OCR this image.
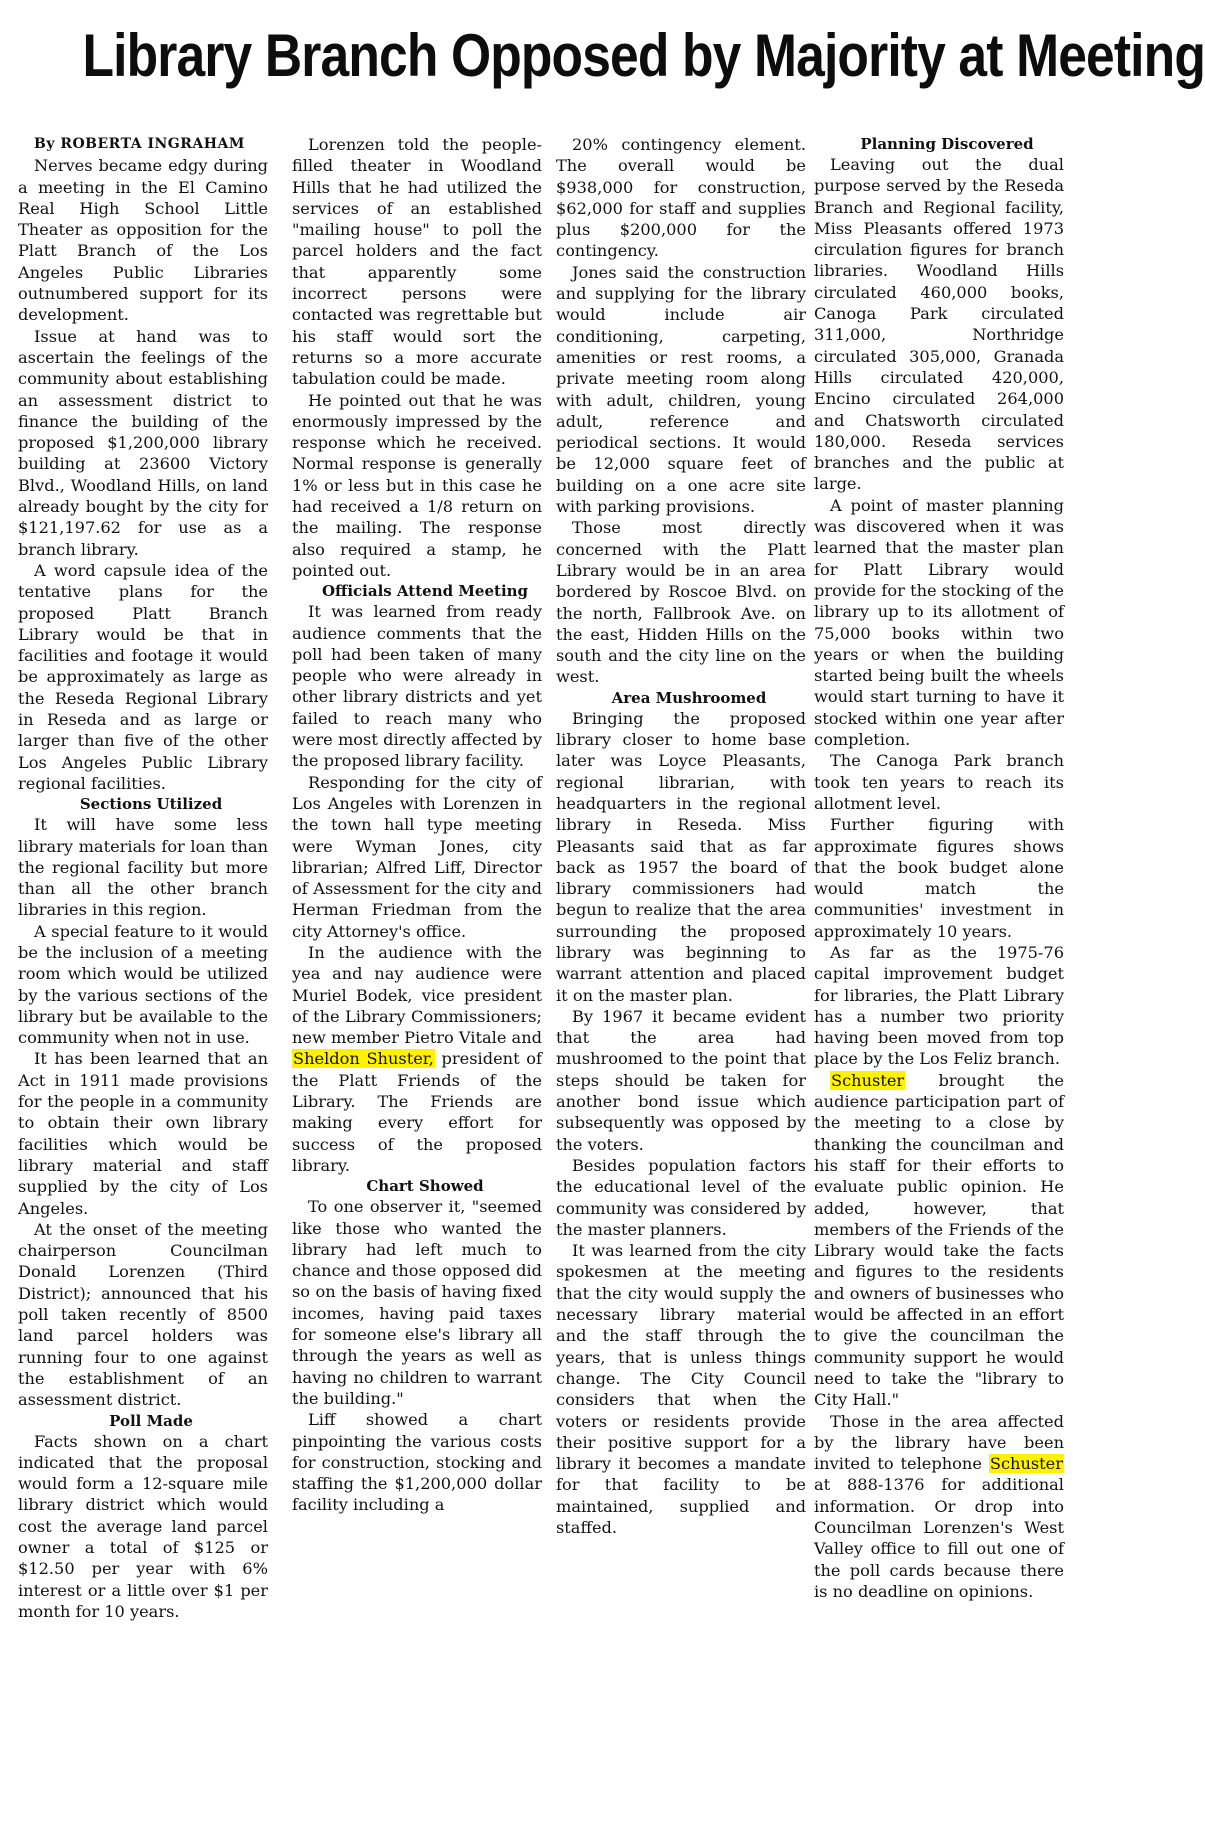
Library Branch Opposed by Majority at Meeting

By ROBERTA INGRAHAM

Nerves became edgy during a meeting in the El Camino Real High School Little Theater as opposition for the Platt Branch of the Los Angeles Public Libraries outnumbered support for its development.

Issue at hand was to ascertain the feelings of the community about establishing an assessment district to finance the building of the proposed $1,200,000 library building at 23600 Victory Blvd., Woodland Hills, on land already bought by the city for $121,197.62 for use as a branch library.

A word capsule idea of the tentative plans for the proposed Platt Branch Library would be that in facilities and footage it would be approximately as large as the Reseda Regional Library in Reseda and as large or larger than five of the other Los Angeles Public Library regional facilities.

Sections Utilized

It will have some less library materials for loan than the regional facility but more than all the other branch libraries in this region.

A special feature to it would be the inclusion of a meeting room which would be utilized by the various sections of the library but be available to the community when not in use.

It has been learned that an Act in 1911 made provisions for the people in a community to obtain their own library facilities which would be library material and staff supplied by the city of Los Angeles.

At the onset of the meeting chairperson Councilman Donald Lorenzen (Third District); announced that his poll taken recently of 8500 land parcel holders was running four to one against the establishment of an assessment district.

Poll Made

Facts shown on a chart indicated that the proposal would form a 12-square mile library district which would cost the average land parcel owner a total of $125 or $12.50 per year with 6% interest or a little over $1 per month for 10 years.

Lorenzen told the people-filled theater in Woodland Hills that he had utilized the services of an established "mailing house" to poll the parcel holders and the fact that apparently some incorrect persons were contacted was regrettable but his staff would sort the returns so a more accurate tabulation could be made.

He pointed out that he was enormously impressed by the response which he received. Normal response is generally 1% or less but in this case he had received a 1/8 return on the mailing. The response also required a stamp, he pointed out.

Officials Attend Meeting

It was learned from ready audience comments that the poll had been taken of many people who were already in other library districts and yet failed to reach many who were most directly affected by the proposed library facility.

Responding for the city of Los Angeles with Lorenzen in the town hall type meeting were Wyman Jones, city librarian; Alfred Liff, Director of Assessment for the city and Herman Friedman from the city Attorney's office.

In the audience with the yea and nay audience were Muriel Bodek, vice president of the Library Commissioners; new member Pietro Vitale and Sheldon Shuster, president of the Platt Friends of the Library. The Friends are making every effort for success of the proposed library.

Chart Showed

To one observer it, "seemed like those who wanted the library had left much to chance and those opposed did so on the basis of having fixed incomes, having paid taxes for someone else's library all through the years as well as having no children to warrant the building."

Liff showed a chart pinpointing the various costs for construction, stocking and staffing the $1,200,000 dollar facility including a

20% contingency element. The overall would be $938,000 for construction, $62,000 for staff and supplies plus $200,000 for the contingency.

Jones said the construction and supplying for the library would include air conditioning, carpeting, amenities or rest rooms, a private meeting room along with adult, children, young adult, reference and periodical sections. It would be 12,000 square feet of building on a one acre site with parking provisions.

Those most directly concerned with the Platt Library would be in an area bordered by Roscoe Blvd. on the north, Fallbrook Ave. on the east, Hidden Hills on the south and the city line on the west.

Area Mushroomed

Bringing the proposed library closer to home base later was Loyce Pleasants, regional librarian, with headquarters in the regional library in Reseda. Miss Pleasants said that as far back as 1957 the board of library commissioners had begun to realize that the area surrounding the proposed library was beginning to warrant attention and placed it on the master plan.

By 1967 it became evident that the area had mushroomed to the point that steps should be taken for another bond issue which subsequently was opposed by the voters.

Besides population factors the educational level of the community was considered by the master planners.

It was learned from the city spokesmen at the meeting that the city would supply the necessary library material and the staff through the years, that is unless things change. The City Council considers that when the voters or residents provide their positive support for a library it becomes a mandate for that facility to be maintained, supplied and staffed.

Planning Discovered

Leaving out the dual purpose served by the Reseda Branch and Regional facility, Miss Pleasants offered 1973 circulation figures for branch libraries. Woodland Hills circulated 460,000 books, Canoga Park circulated 311,000, Northridge circulated 305,000, Granada Hills circulated 420,000, Encino circulated 264,000 and Chatsworth circulated 180,000. Reseda services branches and the public at large.

A point of master planning was discovered when it was learned that the master plan for Platt Library would provide for the stocking of the library up to its allotment of 75,000 books within two years or when the building started being built the wheels would start turning to have it stocked within one year after completion.

The Canoga Park branch took ten years to reach its allotment level.

Further figuring with approximate figures shows that the book budget alone would match the communities' investment in approximately 10 years.

As far as the 1975-76 capital improvement budget for libraries, the Platt Library has a number two priority having been moved from top place by the Los Feliz branch.

Schuster brought the audience participation part of the meeting to a close by thanking the councilman and his staff for their efforts to evaluate public opinion. He added, however, that members of the Friends of the Library would take the facts and figures to the residents and owners of businesses who would be affected in an effort to give the councilman the community support he would need to take the "library to City Hall."

Those in the area affected by the library have been invited to telephone Schuster at 888-1376 for additional information. Or drop into Councilman Lorenzen's West Valley office to fill out one of the poll cards because there is no deadline on opinions.
